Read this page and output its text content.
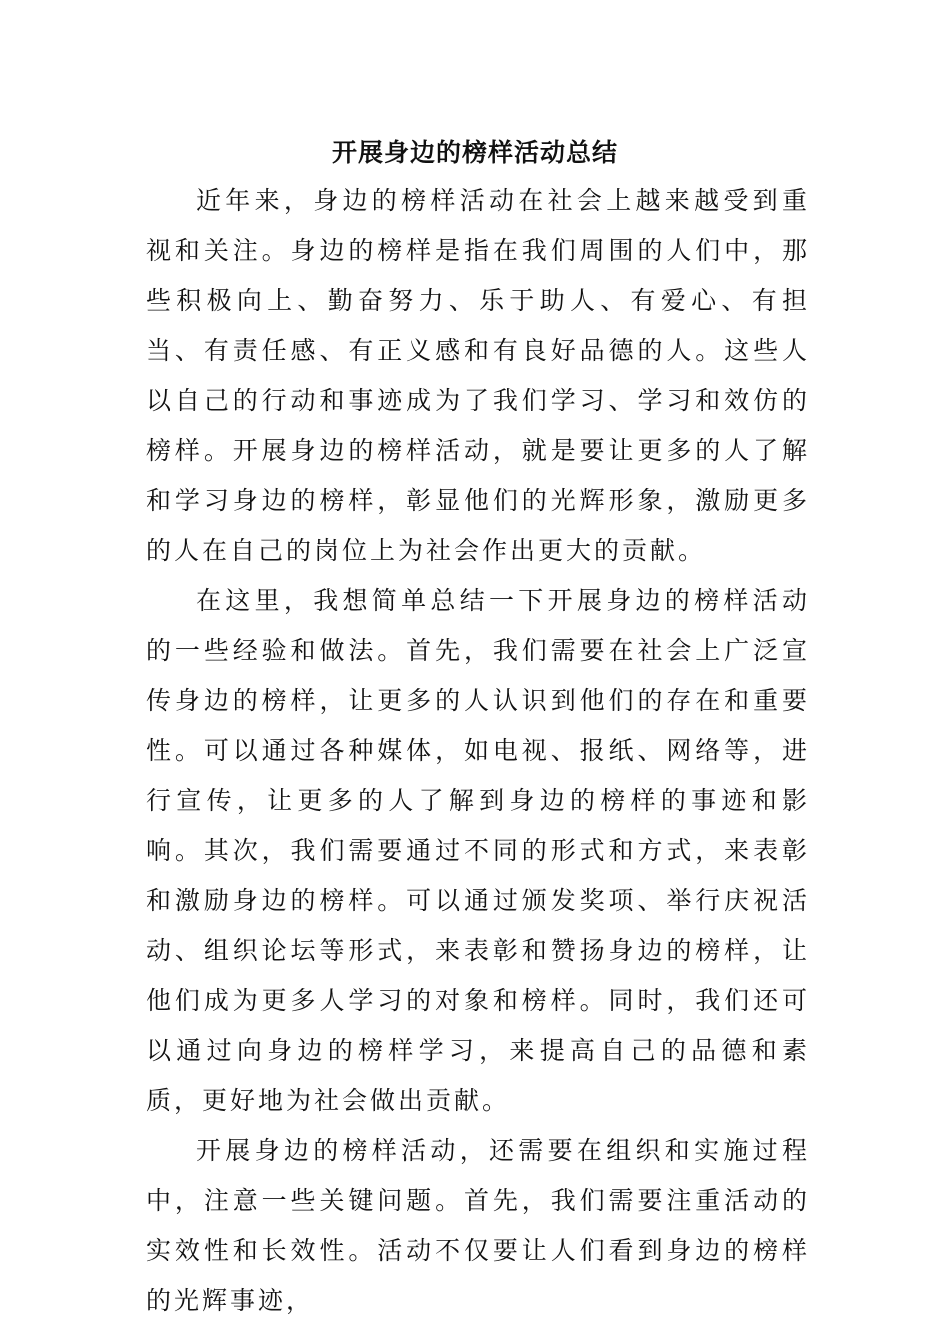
开展身边的榜样活动总结

近年来，身边的榜样活动在社会上越来越受到重视和关注。身边的榜样是指在我们周围的人们中，那些积极向上、勤奋努力、乐于助人、有爱心、有担当、有责任感、有正义感和有良好品德的人。这些人以自己的行动和事迹成为了我们学习、学习和效仿的榜样。开展身边的榜样活动，就是要让更多的人了解和学习身边的榜样，彰显他们的光辉形象，激励更多的人在自己的岗位上为社会作出更大的贡献。

在这里，我想简单总结一下开展身边的榜样活动的一些经验和做法。首先，我们需要在社会上广泛宣传身边的榜样，让更多的人认识到他们的存在和重要性。可以通过各种媒体，如电视、报纸、网络等，进行宣传，让更多的人了解到身边的榜样的事迹和影响。其次，我们需要通过不同的形式和方式，来表彰和激励身边的榜样。可以通过颁发奖项、举行庆祝活动、组织论坛等形式，来表彰和赞扬身边的榜样，让他们成为更多人学习的对象和榜样。同时，我们还可以通过向身边的榜样学习，来提高自己的品德和素质，更好地为社会做出贡献。

开展身边的榜样活动，还需要在组织和实施过程中，注意一些关键问题。首先，我们需要注重活动的实效性和长效性。活动不仅要让人们看到身边的榜样的光辉事迹，
